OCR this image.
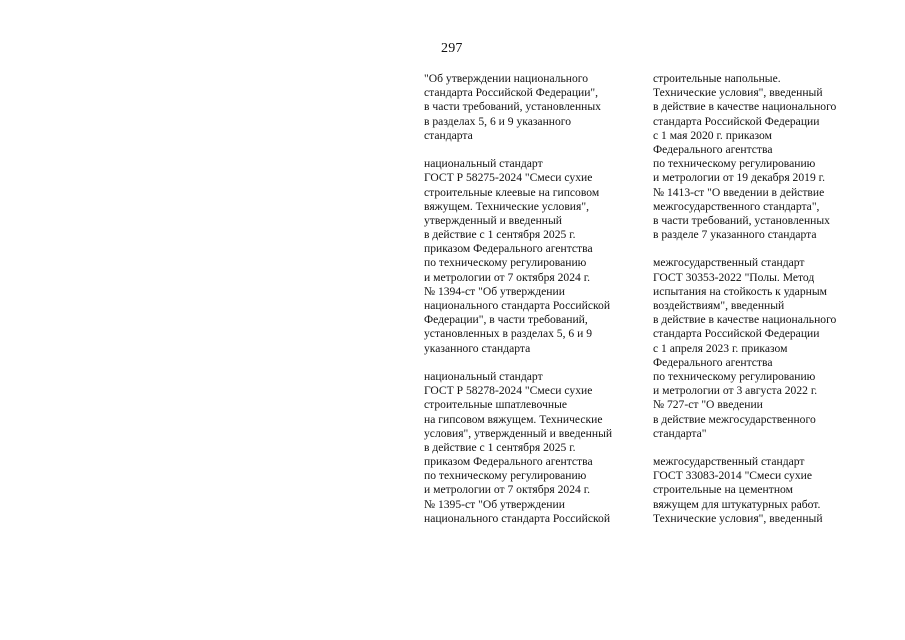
297
"Об утверждении национального
стандарта Российской Федерации",
в части требований, установленных
в разделах 5, 6 и 9 указанного
стандарта
национальный стандарт
ГОСТ Р 58275-2024 "Смеси сухие
строительные клеевые на гипсовом
вяжущем. Технические условия",
утвержденный и введенный
в действие с 1 сентября 2025 г.
приказом Федерального агентства
по техническому регулированию
и метрологии от 7 октября 2024 г.
№ 1394-ст "Об утверждении
национального стандарта Российской
Федерации", в части требований,
установленных в разделах 5, 6 и 9
указанного стандарта
национальный стандарт
ГОСТ Р 58278-2024 "Смеси сухие
строительные шпатлевочные
на гипсовом вяжущем. Технические
условия", утвержденный и введенный
в действие с 1 сентября 2025 г.
приказом Федерального агентства
по техническому регулированию
и метрологии от 7 октября 2024 г.
№ 1395-ст "Об утверждении
национального стандарта Российской
строительные напольные.
Технические условия", введенный
в действие в качестве национального
стандарта Российской Федерации
с 1 мая 2020 г. приказом
Федерального агентства
по техническому регулированию
и метрологии от 19 декабря 2019 г.
№ 1413-ст "О введении в действие
межгосударственного стандарта",
в части требований, установленных
в разделе 7 указанного стандарта
межгосударственный стандарт
ГОСТ 30353-2022 "Полы. Метод
испытания на стойкость к ударным
воздействиям", введенный
в действие в качестве национального
стандарта Российской Федерации
с 1 апреля 2023 г. приказом
Федерального агентства
по техническому регулированию
и метрологии от 3 августа 2022 г.
№ 727-ст "О введении
в действие межгосударственного
стандарта"
межгосударственный стандарт
ГОСТ 33083-2014 "Смеси сухие
строительные на цементном
вяжущем для штукатурных работ.
Технические условия", введенный
